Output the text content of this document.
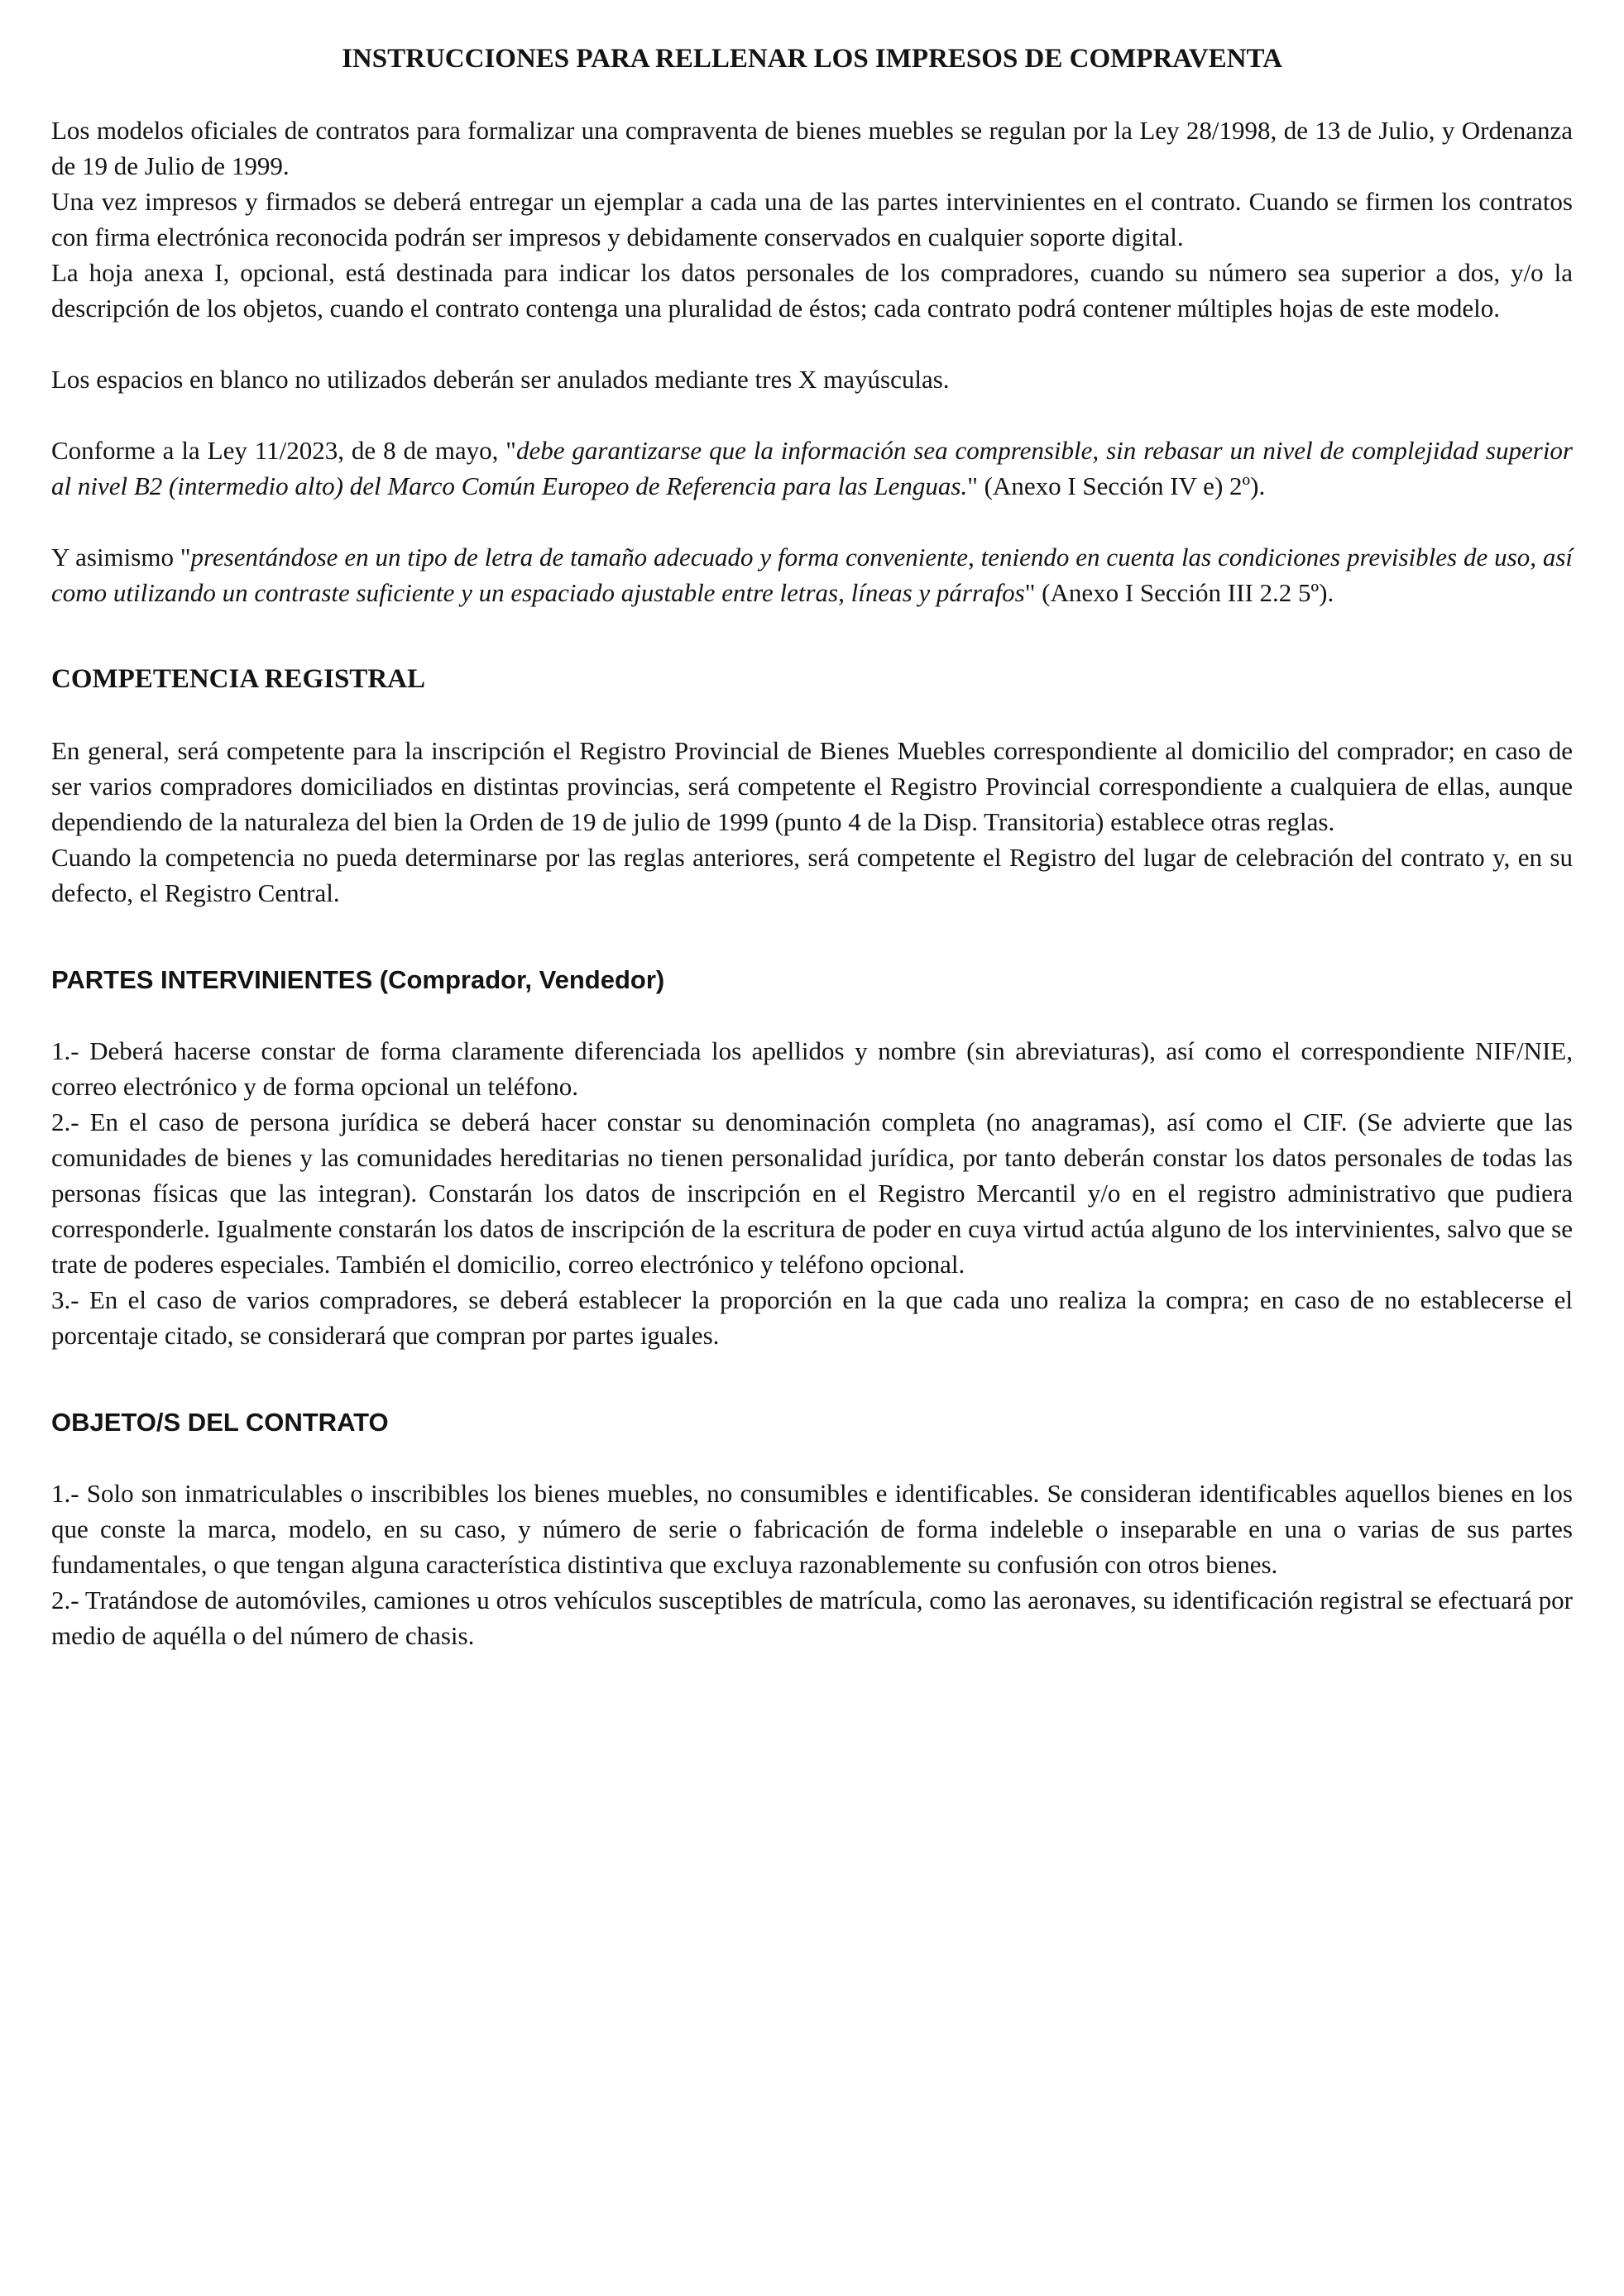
INSTRUCCIONES PARA RELLENAR LOS IMPRESOS DE COMPRAVENTA

Los modelos oficiales de contratos para formalizar una compraventa de bienes muebles se regulan por la Ley 28/1998, de 13 de Julio, y Ordenanza de 19 de Julio de 1999.

Una vez impresos y firmados se deberá entregar un ejemplar a cada una de las partes intervinientes en el contrato. Cuando se firmen los contratos con firma electrónica reconocida podrán ser impresos y debidamente conservados en cualquier soporte digital.

La hoja anexa I, opcional, está destinada para indicar los datos personales de los compradores, cuando su número sea superior a dos, y/o la descripción de los objetos, cuando el contrato contenga una pluralidad de éstos; cada contrato podrá contener múltiples hojas de este modelo.

Los espacios en blanco no utilizados deberán ser anulados mediante tres X mayúsculas.

Conforme a la Ley 11/2023, de 8 de mayo, "debe garantizarse que la información sea comprensible, sin rebasar un nivel de complejidad superior al nivel B2 (intermedio alto) del Marco Común Europeo de Referencia para las Lenguas." (Anexo I Sección IV e) 2º).

Y asimismo "presentándose en un tipo de letra de tamaño adecuado y forma conveniente, teniendo en cuenta las condiciones previsibles de uso, así como utilizando un contraste suficiente y un espaciado ajustable entre letras, líneas y párrafos" (Anexo I Sección III 2.2 5º).

COMPETENCIA REGISTRAL

En general, será competente para la inscripción el Registro Provincial de Bienes Muebles correspondiente al domicilio del comprador; en caso de ser varios compradores domiciliados en distintas provincias, será competente el Registro Provincial correspondiente a cualquiera de ellas, aunque dependiendo de la naturaleza del bien la Orden de 19 de julio de 1999 (punto 4 de la Disp. Transitoria) establece otras reglas.

Cuando la competencia no pueda determinarse por las reglas anteriores, será competente el Registro del lugar de celebración del contrato y, en su defecto, el Registro Central.

PARTES INTERVINIENTES (Comprador, Vendedor)

1.- Deberá hacerse constar de forma claramente diferenciada los apellidos y nombre (sin abreviaturas), así como el correspondiente NIF/NIE, correo electrónico y de forma opcional un teléfono.

2.- En el caso de persona jurídica se deberá hacer constar su denominación completa (no anagramas), así como el CIF. (Se advierte que las comunidades de bienes y las comunidades hereditarias no tienen personalidad jurídica, por tanto deberán constar los datos personales de todas las personas físicas que las integran). Constarán los datos de inscripción en el Registro Mercantil y/o en el registro administrativo que pudiera corresponderle. Igualmente constarán los datos de inscripción de la escritura de poder en cuya virtud actúa alguno de los intervinientes, salvo que se trate de poderes especiales. También el domicilio, correo electrónico y teléfono opcional.

3.- En el caso de varios compradores, se deberá establecer la proporción en la que cada uno realiza la compra; en caso de no establecerse el porcentaje citado, se considerará que compran por partes iguales.

OBJETO/S DEL CONTRATO

1.- Solo son inmatriculables o inscribibles los bienes muebles, no consumibles e identificables. Se consideran identificables aquellos bienes en los que conste la marca, modelo, en su caso, y número de serie o fabricación de forma indeleble o inseparable en una o varias de sus partes fundamentales, o que tengan alguna característica distintiva que excluya razonablemente su confusión con otros bienes.

2.- Tratándose de automóviles, camiones u otros vehículos susceptibles de matrícula, como las aeronaves, su identificación registral se efectuará por medio de aquélla o del número de chasis.
